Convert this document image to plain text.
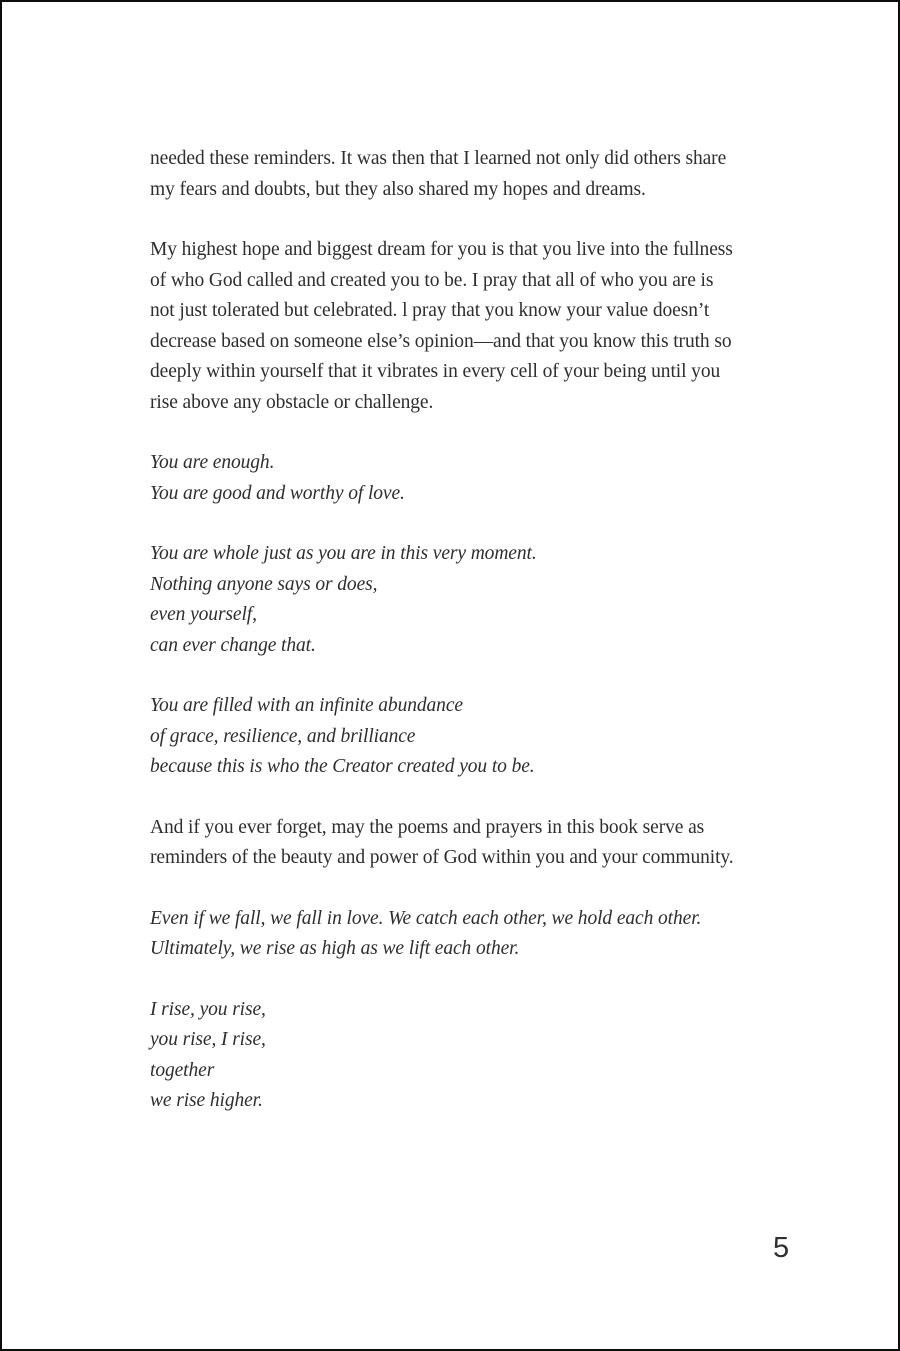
needed these reminders. It was then that I learned not only did others share
my fears and doubts, but they also shared my hopes and dreams.
My highest hope and biggest dream for you is that you live into the fullness
of who God called and created you to be. I pray that all of who you are is
not just tolerated but celebrated. l pray that you know your value doesn’t
decrease based on someone else’s opinion—and that you know this truth so
deeply within yourself that it vibrates in every cell of your being until you
rise above any obstacle or challenge.
You are enough.
You are good and worthy of love.
You are whole just as you are in this very moment.
Nothing anyone says or does,
even yourself,
can ever change that.
You are filled with an infinite abundance
of grace, resilience, and brilliance
because this is who the Creator created you to be.
And if you ever forget, may the poems and prayers in this book serve as
reminders of the beauty and power of God within you and your community.
Even if we fall, we fall in love. We catch each other, we hold each other.
Ultimately, we rise as high as we lift each other.
I rise, you rise,
you rise, I rise,
together
we rise higher.
5
